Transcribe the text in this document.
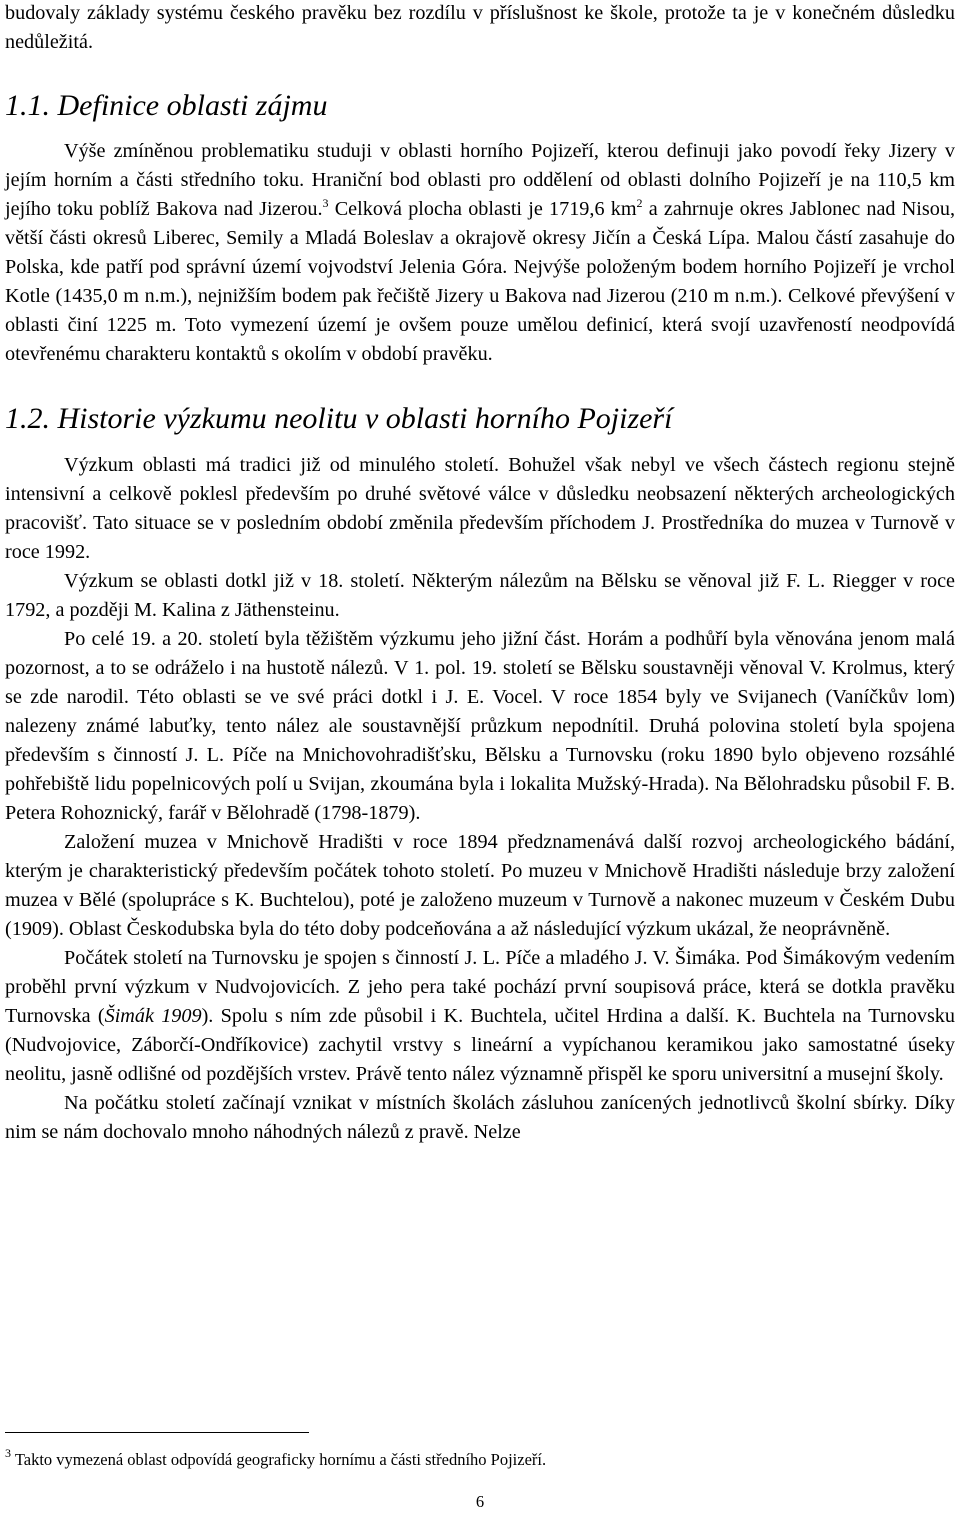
budovaly základy systému českého pravěku bez rozdílu v příslušnost ke škole, protože ta je v konečném důsledku nedůležitá.

1.1. Definice oblasti zájmu

Výše zmíněnou problematiku studuji v oblasti horního Pojizeří, kterou definuji jako povodí řeky Jizery v jejím horním a části středního toku. Hraniční bod oblasti pro oddělení od oblasti dolního Pojizeří je na 110,5 km jejího toku poblíž Bakova nad Jizerou.$^3$ Celková plocha oblasti je 1719,6 $km^2$ a zahrnuje okres Jablonec nad Nisou, větší části okresů Liberec, Semily a Mladá Boleslav a okrajově okresy Jičín a Česká Lípa. Malou částí zasahuje do Polska, kde patří pod správní území vojvodství Jelenia Góra. Nejvýše položeným bodem horního Pojizeří je vrchol Kotle (1435,0 m n.m.), nejnižším bodem pak řečiště Jizery u Bakova nad Jizerou (210 m n.m.). Celkové převýšení v oblasti činí 1225 m. Toto vymezení území je ovšem pouze umělou definicí, která svojí uzavřeností neodpovídá otevřenému charakteru kontaktů s okolím v období pravěku.

1.2. Historie výzkumu neolitu v oblasti horního Pojizeří

Výzkum oblasti má tradici již od minulého století. Bohužel však nebyl ve všech částech regionu stejně intensivní a celkově poklesl především po druhé světové válce v důsledku neobsazení některých archeologických pracovišť. Tato situace se v posledním období změnila především příchodem J. Prostředníka do muzea v Turnově v roce 1992.

Výzkum se oblasti dotkl již v 18. století. Některým nálezům na Bělsku se věnoval již F. L. Riegger v roce 1792, a později M. Kalina z Jäthensteinu.

Po celé 19. a 20. století byla těžištěm výzkumu jeho jižní část. Horám a podhůří byla věnována jenom malá pozornost, a to se odráželo i na hustotě nálezů. V 1. pol. 19. století se Bělsku soustavněji věnoval V. Krolmus, který se zde narodil. Této oblasti se ve své práci dotkl i J. E. Vocel. V roce 1854 byly ve Svijanech (Vaníčkův lom) nalezeny známé labuťky, tento nález ale soustavnější průzkum nepodnítil. Druhá polovina století byla spojena především s činností J. L. Píče na Mnichovohradišťsku, Bělsku a Turnovsku (roku 1890 bylo objeveno rozsáhlé pohřebiště lidu popelnicových polí u Svijan, zkoumána byla i lokalita Mužský-Hrada). Na Bělohradsku působil F. B. Petera Rohoznický, farář v Bělohradě (1798-1879).

Založení muzea v Mnichově Hradišti v roce 1894 předznamenává další rozvoj archeologického bádání, kterým je charakteristický především počátek tohoto století. Po muzeu v Mnichově Hradišti následuje brzy založení muzea v Bělé (spolupráce s K. Buchtelou), poté je založeno muzeum v Turnově a nakonec muzeum v Českém Dubu (1909). Oblast Českodubska byla do této doby podceňována a až následující výzkum ukázal, že neoprávněně.

Počátek století na Turnovsku je spojen s činností J. L. Píče a mladého J. V. Šimáka. Pod Šimákovým vedením proběhl první výzkum v Nudvojovicích. Z jeho pera také pochází první soupisová práce, která se dotkla pravěku Turnovska (Šimák 1909). Spolu s ním zde působil i K. Buchtela, učitel Hrdina a další. K. Buchtela na Turnovsku (Nudvojovice, Záborčí-Ondříkovice) zachytil vrstvy s lineární a vypíchanou keramikou jako samostatné úseky neolitu, jasně odlišné od pozdějších vrstev. Právě tento nález významně přispěl ke sporu universitní a musejní školy.

Na počátku století začínají vznikat v místních školách zásluhou zanícených jednotlivců školní sbírky. Díky nim se nám dochovalo mnoho náhodných nálezů z pravě. Nelze

$^3$ Takto vymezená oblast odpovídá geograficky hornímu a části středního Pojizeří.
6
